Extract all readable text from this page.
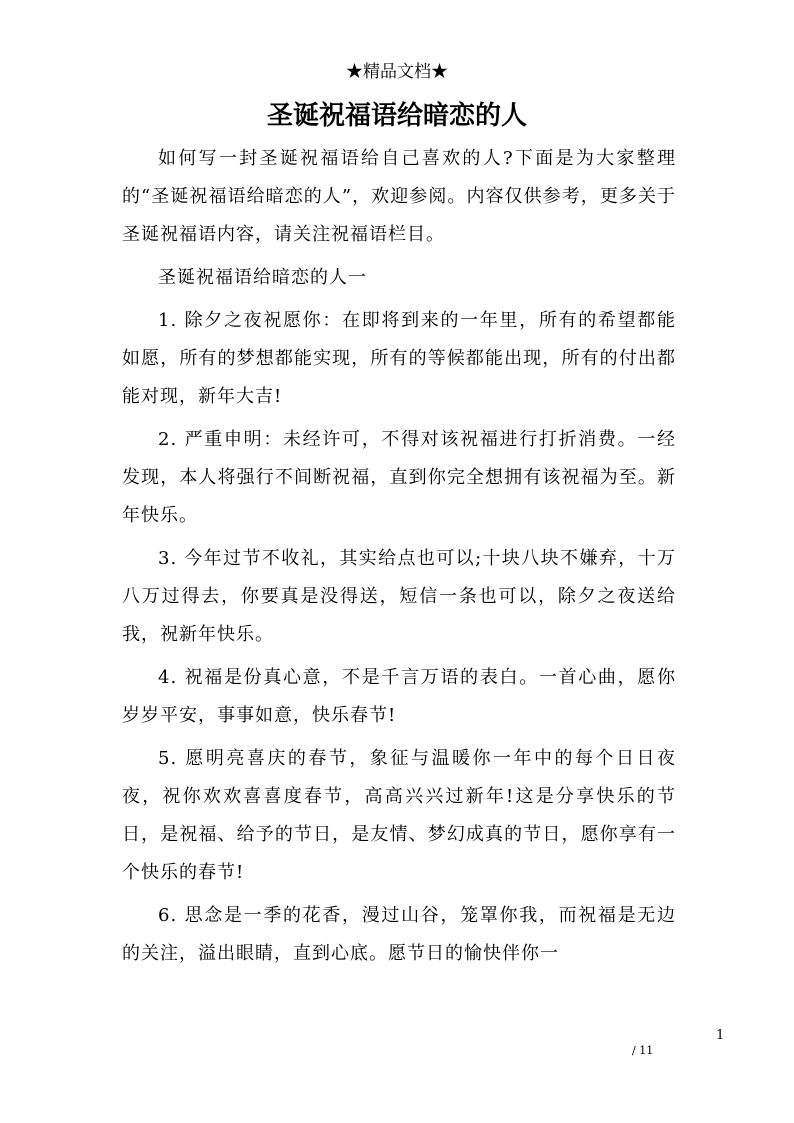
★精品文档★
圣诞祝福语给暗恋的人

如何写一封圣诞祝福语给自己喜欢的人?下面是为大家整理的“圣诞祝福语给暗恋的人”，欢迎参阅。内容仅供参考，更多关于圣诞祝福语内容，请关注祝福语栏目。

圣诞祝福语给暗恋的人一

1. 除夕之夜祝愿你：在即将到来的一年里，所有的希望都能如愿，所有的梦想都能实现，所有的等候都能出现，所有的付出都能对现，新年大吉!

2. 严重申明：未经许可，不得对该祝福进行打折消费。一经发现，本人将强行不间断祝福，直到你完全想拥有该祝福为至。新年快乐。

3. 今年过节不收礼，其实给点也可以;十块八块不嫌弃，十万八万过得去，你要真是没得送，短信一条也可以，除夕之夜送给我，祝新年快乐。

4. 祝福是份真心意，不是千言万语的表白。一首心曲，愿你岁岁平安，事事如意，快乐春节!

5. 愿明亮喜庆的春节，象征与温暖你一年中的每个日日夜夜，祝你欢欢喜喜度春节，高高兴兴过新年!这是分享快乐的节日，是祝福、给予的节日，是友情、梦幻成真的节日，愿你享有一个快乐的春节!

6. 思念是一季的花香，漫过山谷，笼罩你我，而祝福是无边的关注，溢出眼睛，直到心底。愿节日的愉快伴你一

1
/ 11
